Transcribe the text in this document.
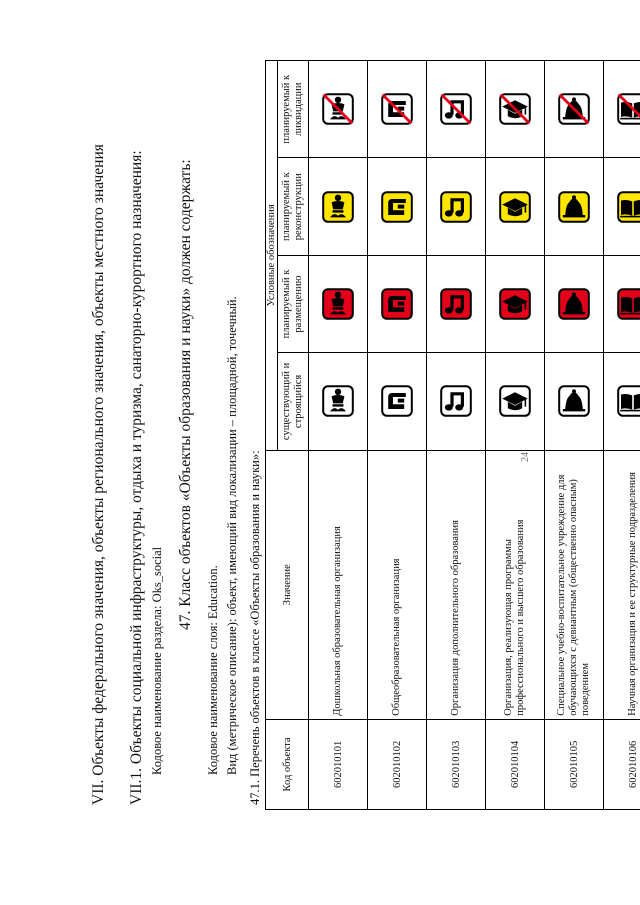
24
VII. Объекты федерального значения, объекты регионального значения, объекты местного значения VII.1. Объекты социальной инфраструктуры, отдыха и туризма, санаторно-курортного назначения: Кодовое наименование раздела: Oks_social
47. Класс объектов «Объекты образования и науки» должен содержать:
Кодовое наименование слоя: Education. Вид (метрическое описание): объект, имеющий вид локализации – площадной, точечный. 47.1. Перечень объектов в классе «Объекты образования и науки»: Код объекта	Значение	Условные обозначения			
		существующий и строящийся	планируемый к размещению	планируемый к реконструкции	планируемый к ликвидации
602010101	Дошкольная образовательная организация	

602010102	Общеобразовательная организация	

602010103	Организация дополнительного образования	

602010104	Организация, реализующая программы профессионального и высшего образования	

602010105	Специальное учебно-воспитательное учреждение для обучающихся с девиантным (общественно опасным) поведением	

602010106	Научная организация и ее структурные подразделения	
